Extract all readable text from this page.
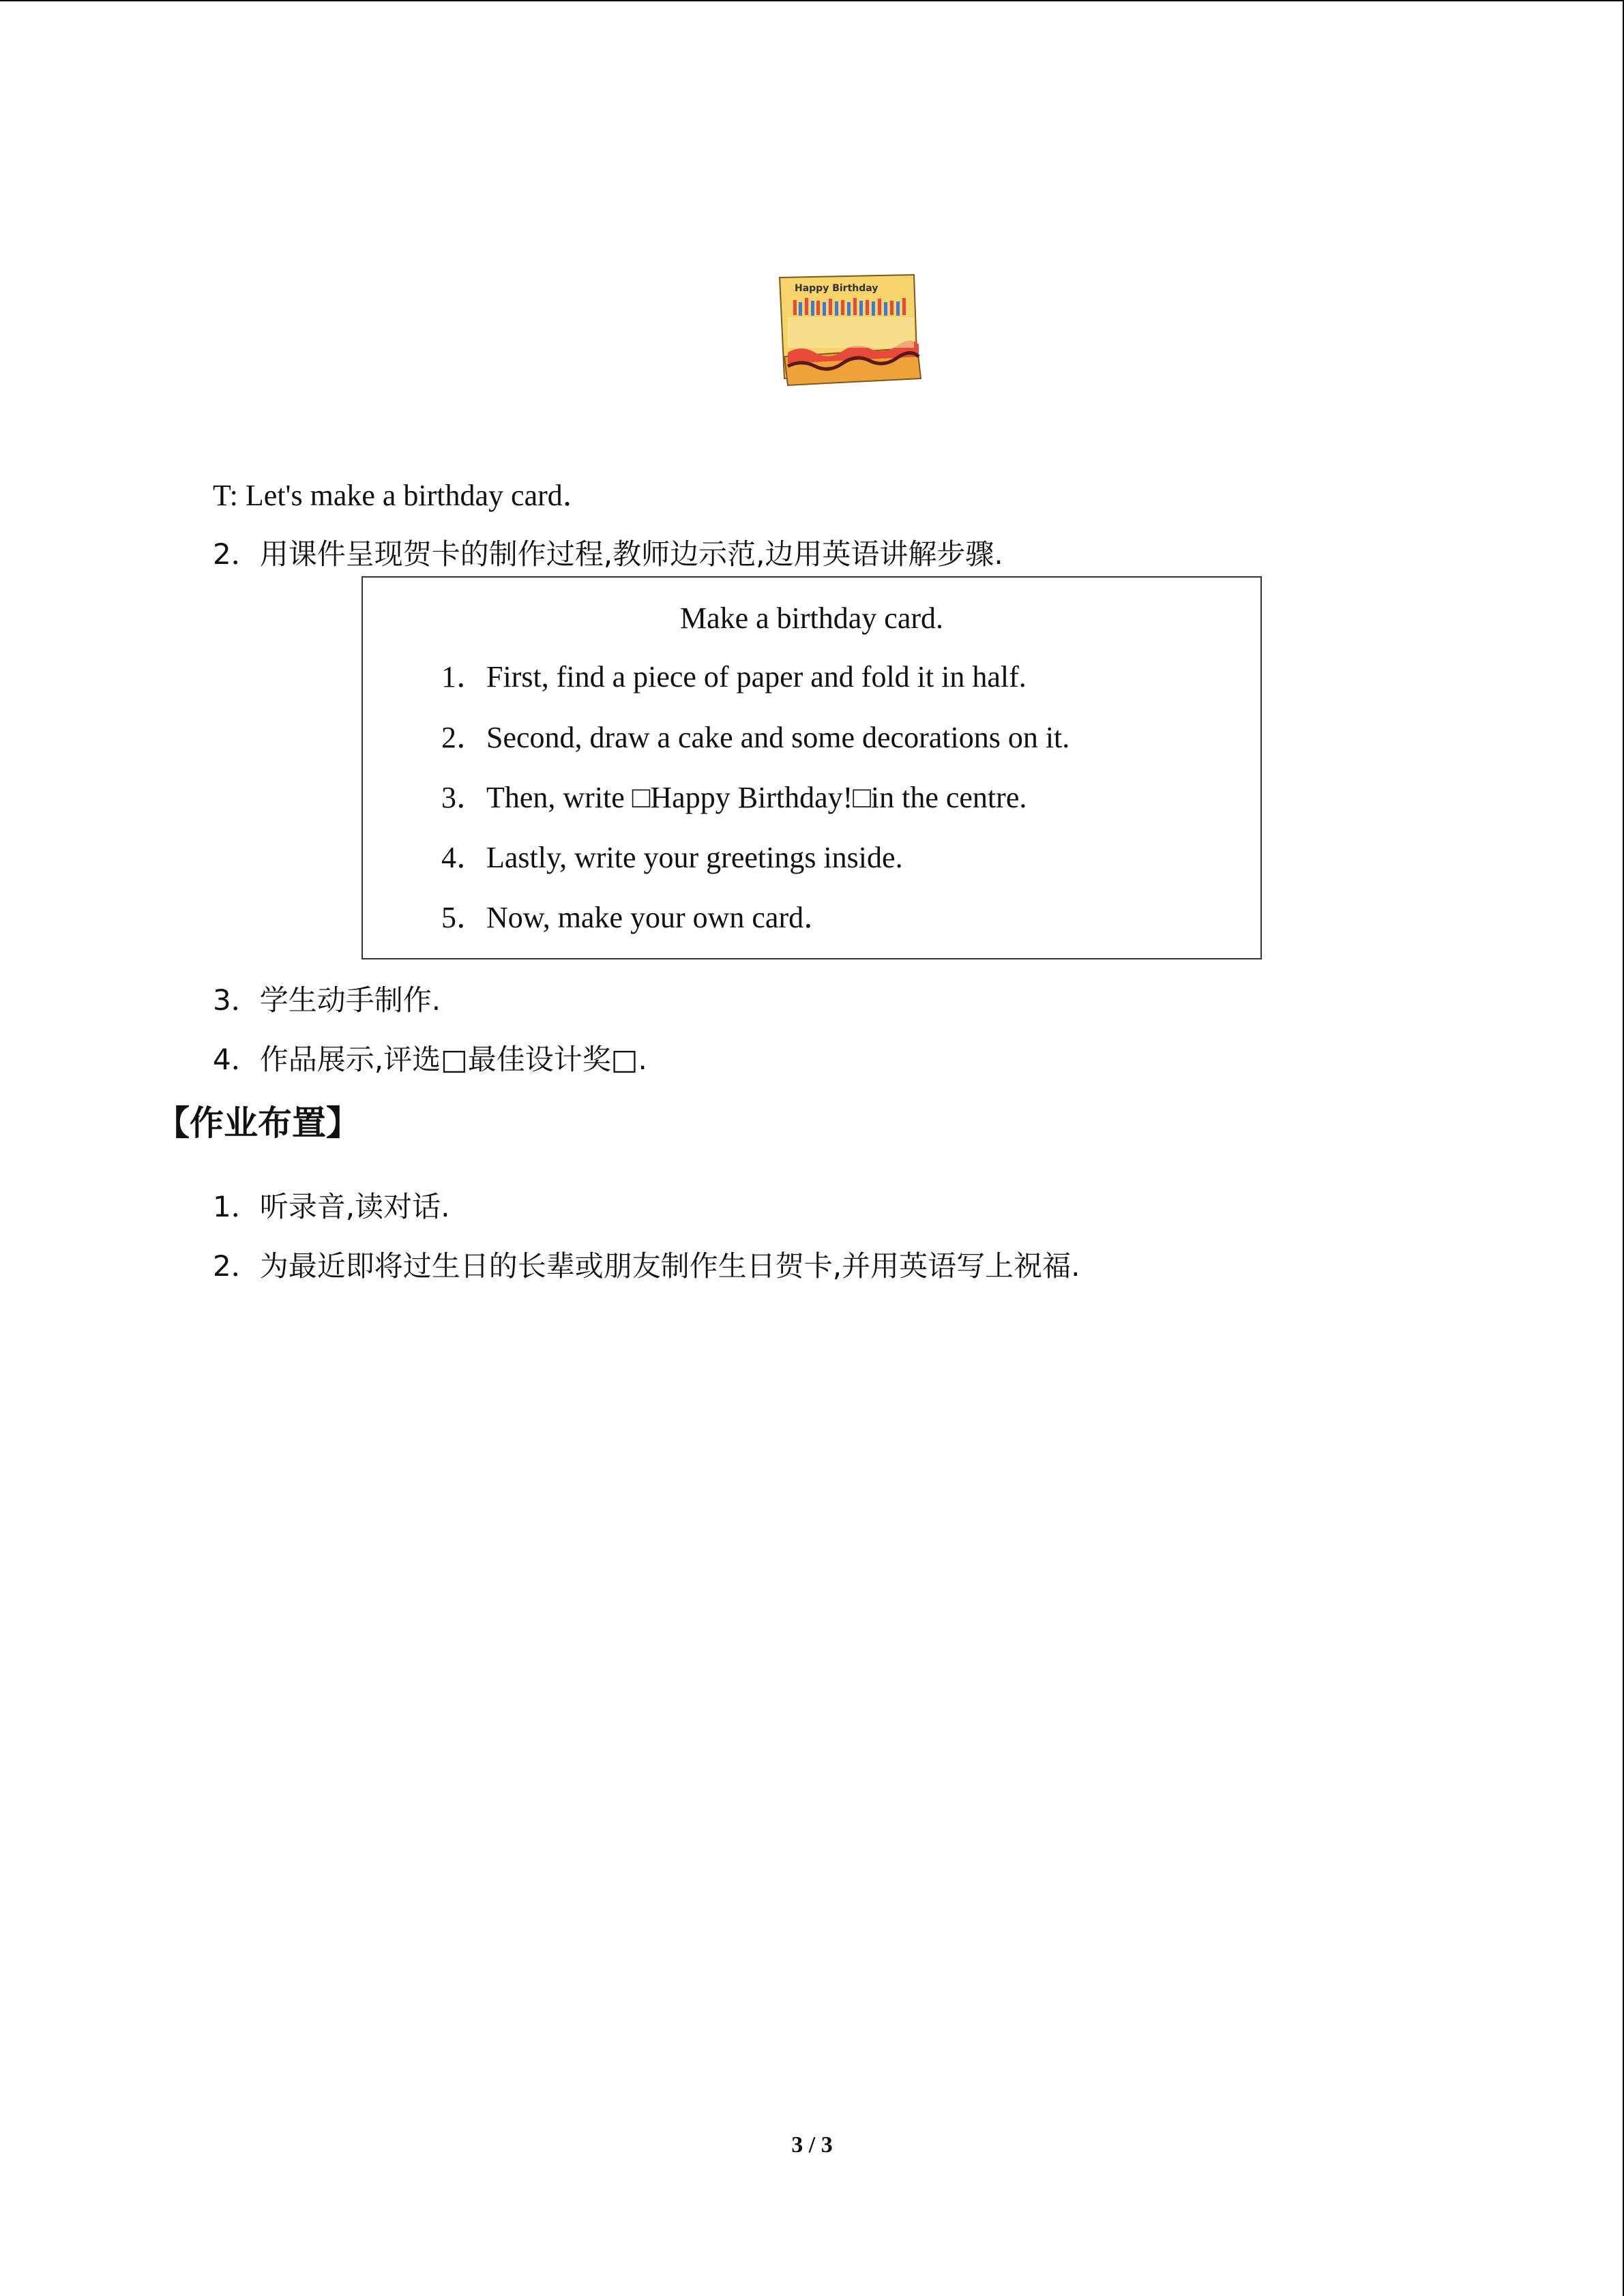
Happy Birthday
T: Let's make a birthday card．
2．用课件呈现贺卡的制作过程,教师边示范,边用英语讲解步骤.
Make a birthday card.
1．First, find a piece of paper and fold it in half.
2．Second, draw a cake and some decorations on it.
3．Then, write □Happy Birthday!□in the centre.
4．Lastly, write your greetings inside.
5．Now, make your own card．
3．学生动手制作.
4．作品展示,评选□最佳设计奖□.
【作业布置】
1．听录音,读对话.
2．为最近即将过生日的长辈或朋友制作生日贺卡,并用英语写上祝福.
3 / 3
